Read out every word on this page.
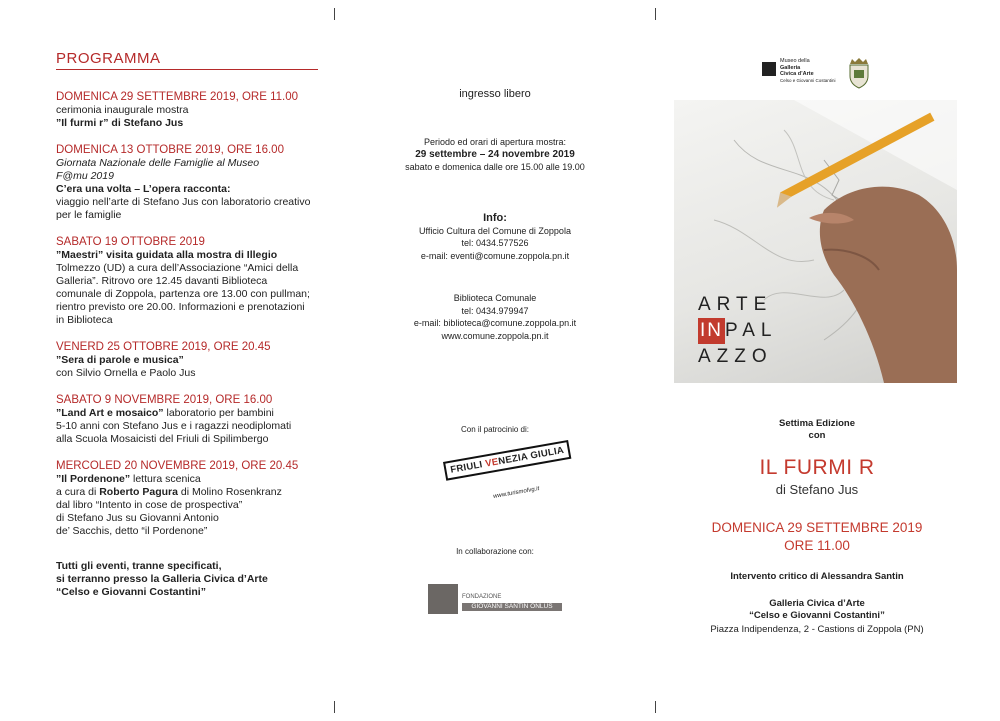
PROGRAMMA
DOMENICA 29 SETTEMBRE 2019, ORE 11.00
cerimonia inaugurale mostra
”Il furmi r” di Stefano Jus
DOMENICA 13 OTTOBRE 2019, ORE 16.00
Giornata Nazionale delle Famiglie al Museo
F@mu 2019
C’era una volta – L’opera racconta:
viaggio nell’arte di Stefano Jus con laboratorio creativo
per le famiglie
SABATO 19 OTTOBRE 2019
”Maestri” visita guidata alla mostra di Illegio
Tolmezzo (UD) a cura dell’Associazione “Amici della
Galleria”. Ritrovo ore 12.45 davanti Biblioteca
comunale di Zoppola, partenza ore 13.00 con pullman;
rientro previsto ore 20.00. Informazioni e prenotazioni
in Biblioteca
VENERD 25 OTTOBRE 2019, ORE 20.45
”Sera di parole e musica”
con Silvio Ornella e Paolo Jus
SABATO 9 NOVEMBRE 2019, ORE 16.00
”Land Art e mosaico” laboratorio per bambini
5-10 anni con Stefano Jus e i ragazzi neodiplomati
alla Scuola Mosaicisti del Friuli di Spilimbergo
MERCOLED 20 NOVEMBRE 2019, ORE 20.45
”Il Pordenone” lettura scenica
a cura di Roberto Pagura di Molino Rosenkranz
dal libro “Intento in cose de prospectiva”
di Stefano Jus su Giovanni Antonio
de’ Sacchis, detto “il Pordenone”
Tutti gli eventi, tranne specificati,
si terranno presso la Galleria Civica d’Arte
“Celso e Giovanni Costantini”
ingresso libero
Periodo ed orari di apertura mostra:
29 settembre – 24 novembre 2019
sabato e domenica dalle ore 15.00 alle 19.00
Info:
Ufficio Cultura del Comune di Zoppola
tel: 0434.577526
e-mail: eventi@comune.zoppola.pn.it
Biblioteca Comunale
tel: 0434.979947
e-mail: biblioteca@comune.zoppola.pn.it
www.comune.zoppola.pn.it
Con il patrocinio di:
In collaborazione con:
FRIULI VENEZIA GIULIA
www.turismofvg.it
FONDAZIONE
GIOVANNI SANTIN ONLUS
Museo della
Galleria
Civica d’Arte
Celso e Giovanni Costantini
ARTE
IN PAL
AZZO
Settima Edizione
con
IL FURMI R
di Stefano Jus
DOMENICA 29 SETTEMBRE 2019
ORE 11.00
Intervento critico di Alessandra Santin
Galleria Civica d’Arte
“Celso e Giovanni Costantini”
Piazza Indipendenza, 2 - Castions di Zoppola (PN)
